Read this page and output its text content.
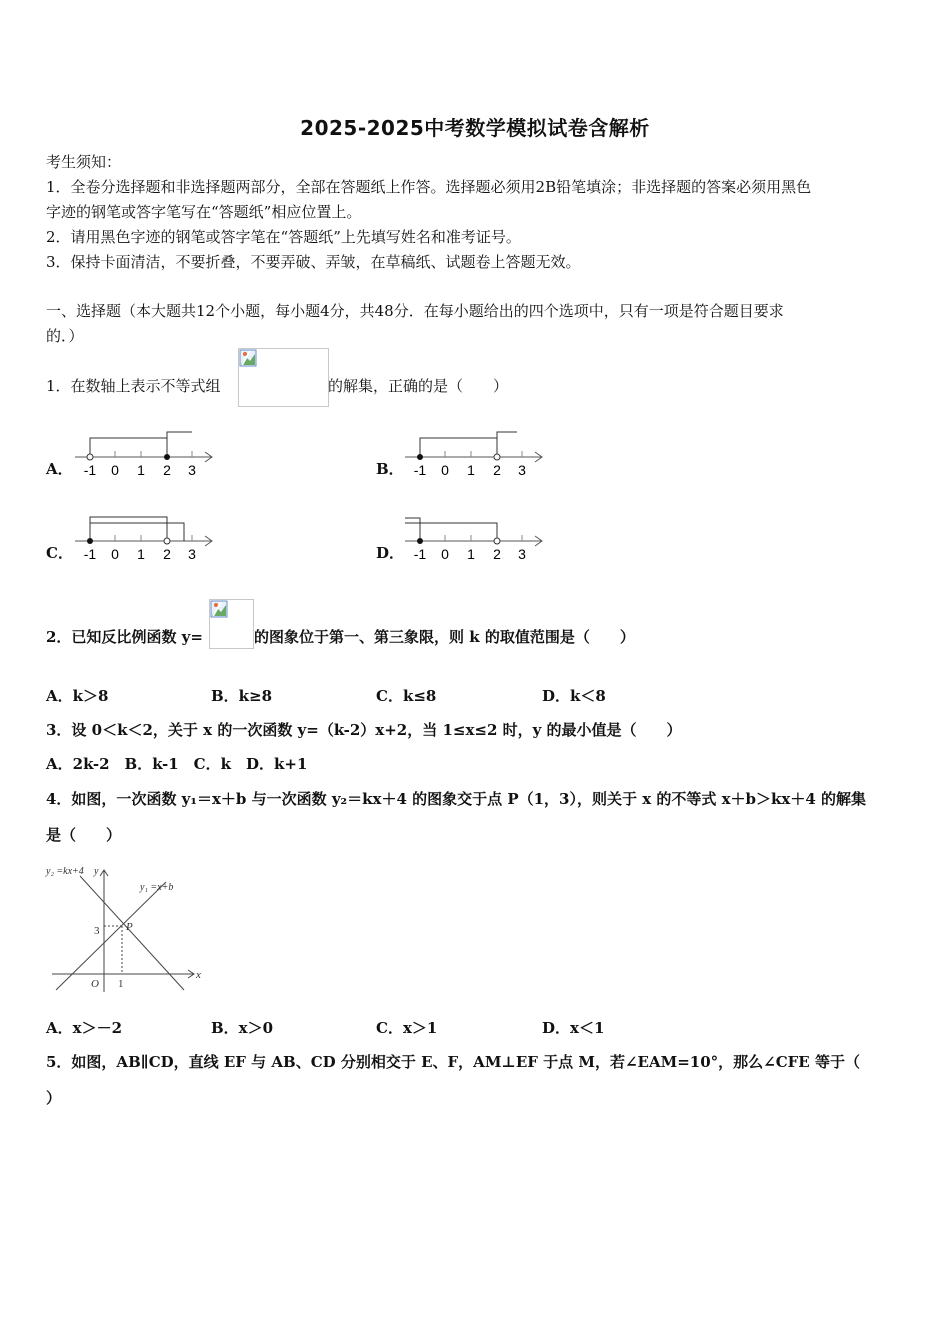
2025-2025中考数学模拟试卷含解析
考生须知：
1．全卷分选择题和非选择题两部分，全部在答题纸上作答。选择题必须用2B铅笔填涂；非选择题的答案必须用黑色
字迹的钢笔或答字笔写在“答题纸”相应位置上。
2．请用黑色字迹的钢笔或答字笔在“答题纸”上先填写姓名和准考证号。
3．保持卡面清洁，不要折叠，不要弄破、弄皱，在草稿纸、试题卷上答题无效。
一、选择题（本大题共12个小题，每小题4分，共48分．在每小题给出的四个选项中，只有一项是符合题目要求
的．）
1．在数轴上表示不等式组	的解集，正确的是（　　）
A． -1 0 1 2 3	B． -1 0 1 2 3
C． -1 0 1 2 3	D． -1 0 1 2 3
2．已知反比例函数 y=	的图象位于第一、第三象限，则 k 的取值范围是（　　）
A．k＞8	B．k≥8	C．k≤8	D．k＜8
3．设 0＜k＜2，关于 x 的一次函数 y=（k-2）x+2，当 1≤x≤2 时，y 的最小值是（　　）
A．2k-2　B．k-1　C．k　D．k+1
4．如图，一次函数 y₁＝x＋b 与一次函数 y₂＝kx＋4 的图象交于点 P（1，3），则关于 x 的不等式 x＋b＞kx＋4 的解集
是（　　）
y₂ =kx+4 y
y₁ =x+b
P
3
O 1
x
A．x＞－2	B．x＞0	C．x＞1	D．x＜1
5．如图，AB∥CD，直线 EF 与 AB、CD 分别相交于 E、F，AM⊥EF 于点 M，若∠EAM=10°，那么∠CFE 等于（
）
